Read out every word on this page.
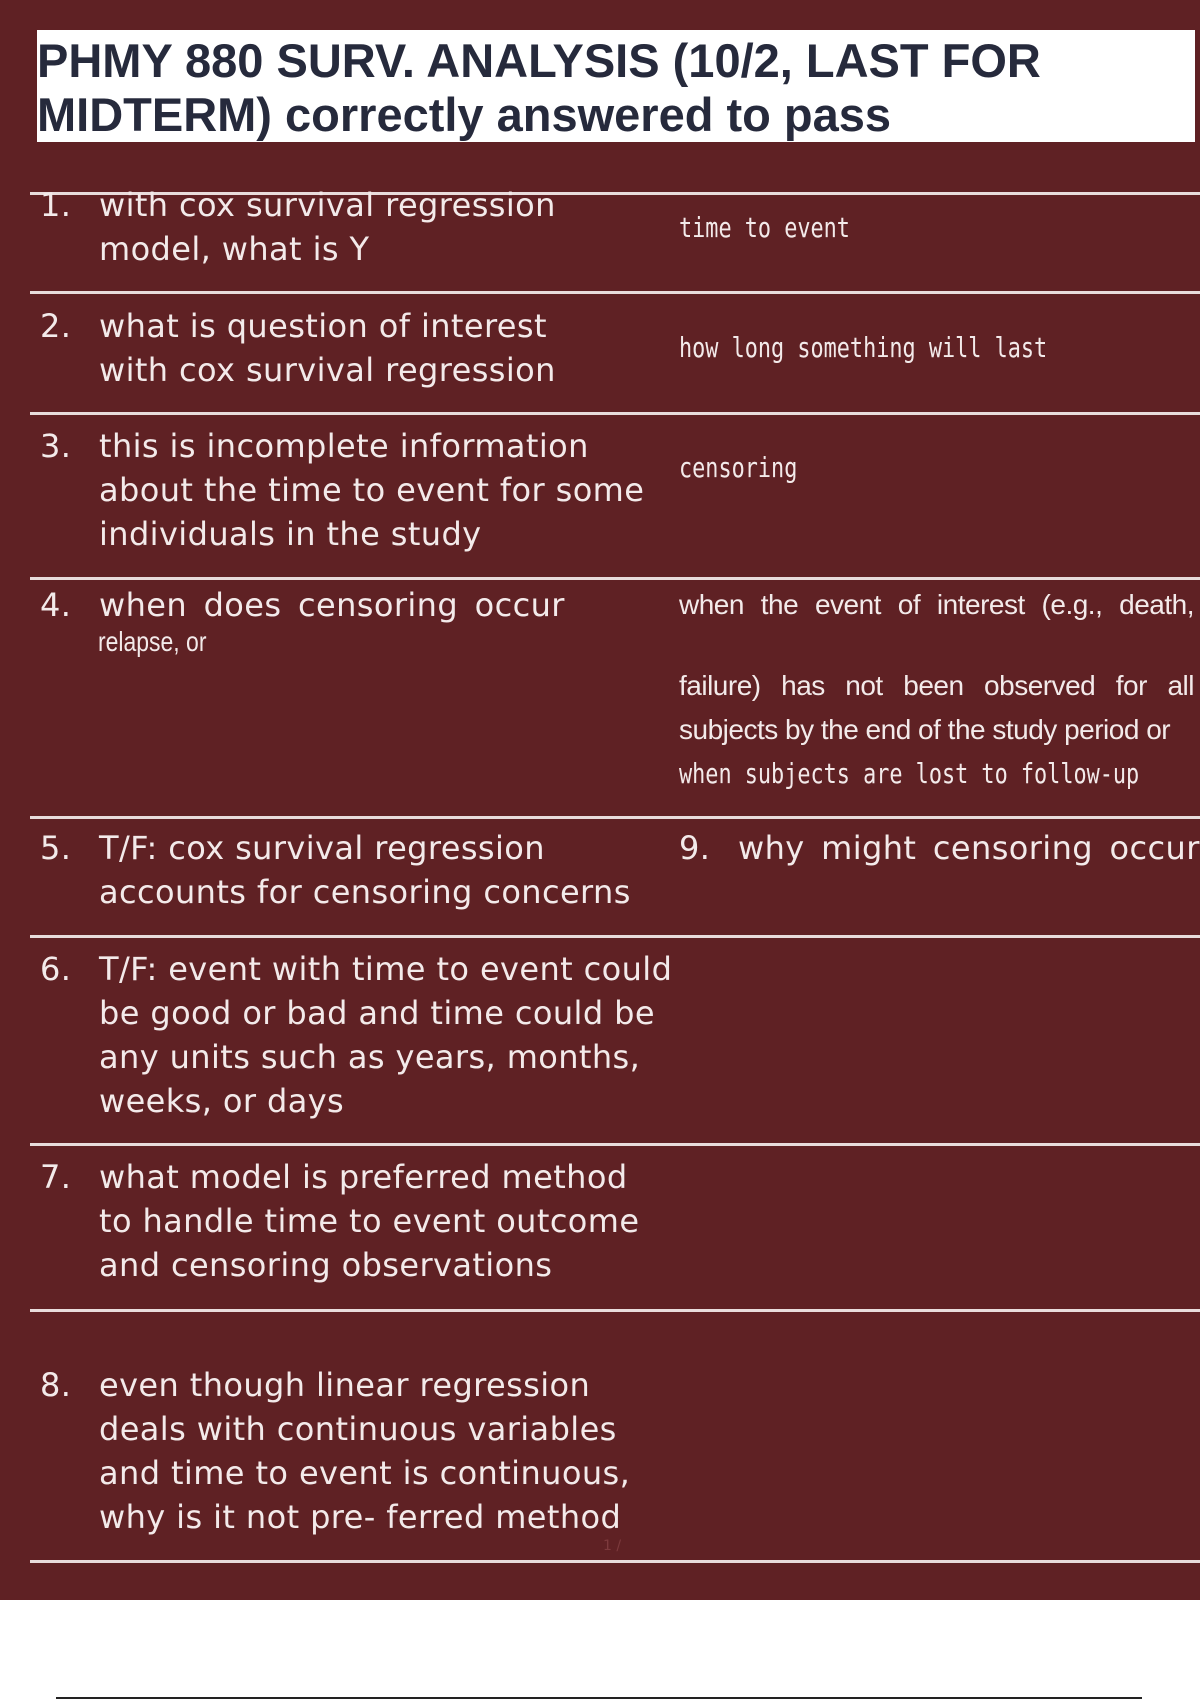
PHMY 880 SURV. ANALYSIS (10/2, LAST FOR
MIDTERM) correctly answered to pass
1. with cox survival regression model, what is Y
time to event
2. what is question of interest with cox survival regression
how long something will last
3. this is incomplete information about the time to event for some individuals in the study
censoring
4. when does censoring occur
relapse, or
when the event of interest (e.g., death,
failure) has not been observed for all subjects by the end of the study period or
when subjects are lost to follow-up
5. T/F: cox survival regression accounts for censoring concerns
9. why might censoring occur
6. T/F: event with time to event could be good or bad and time could be any units such as years, months, weeks, or days
7. what model is preferred method to handle time to event outcome and censoring observations
8. even though linear regression deals with continuous variables and time to event is continuous, why is it not pre- ferred method
1 /
